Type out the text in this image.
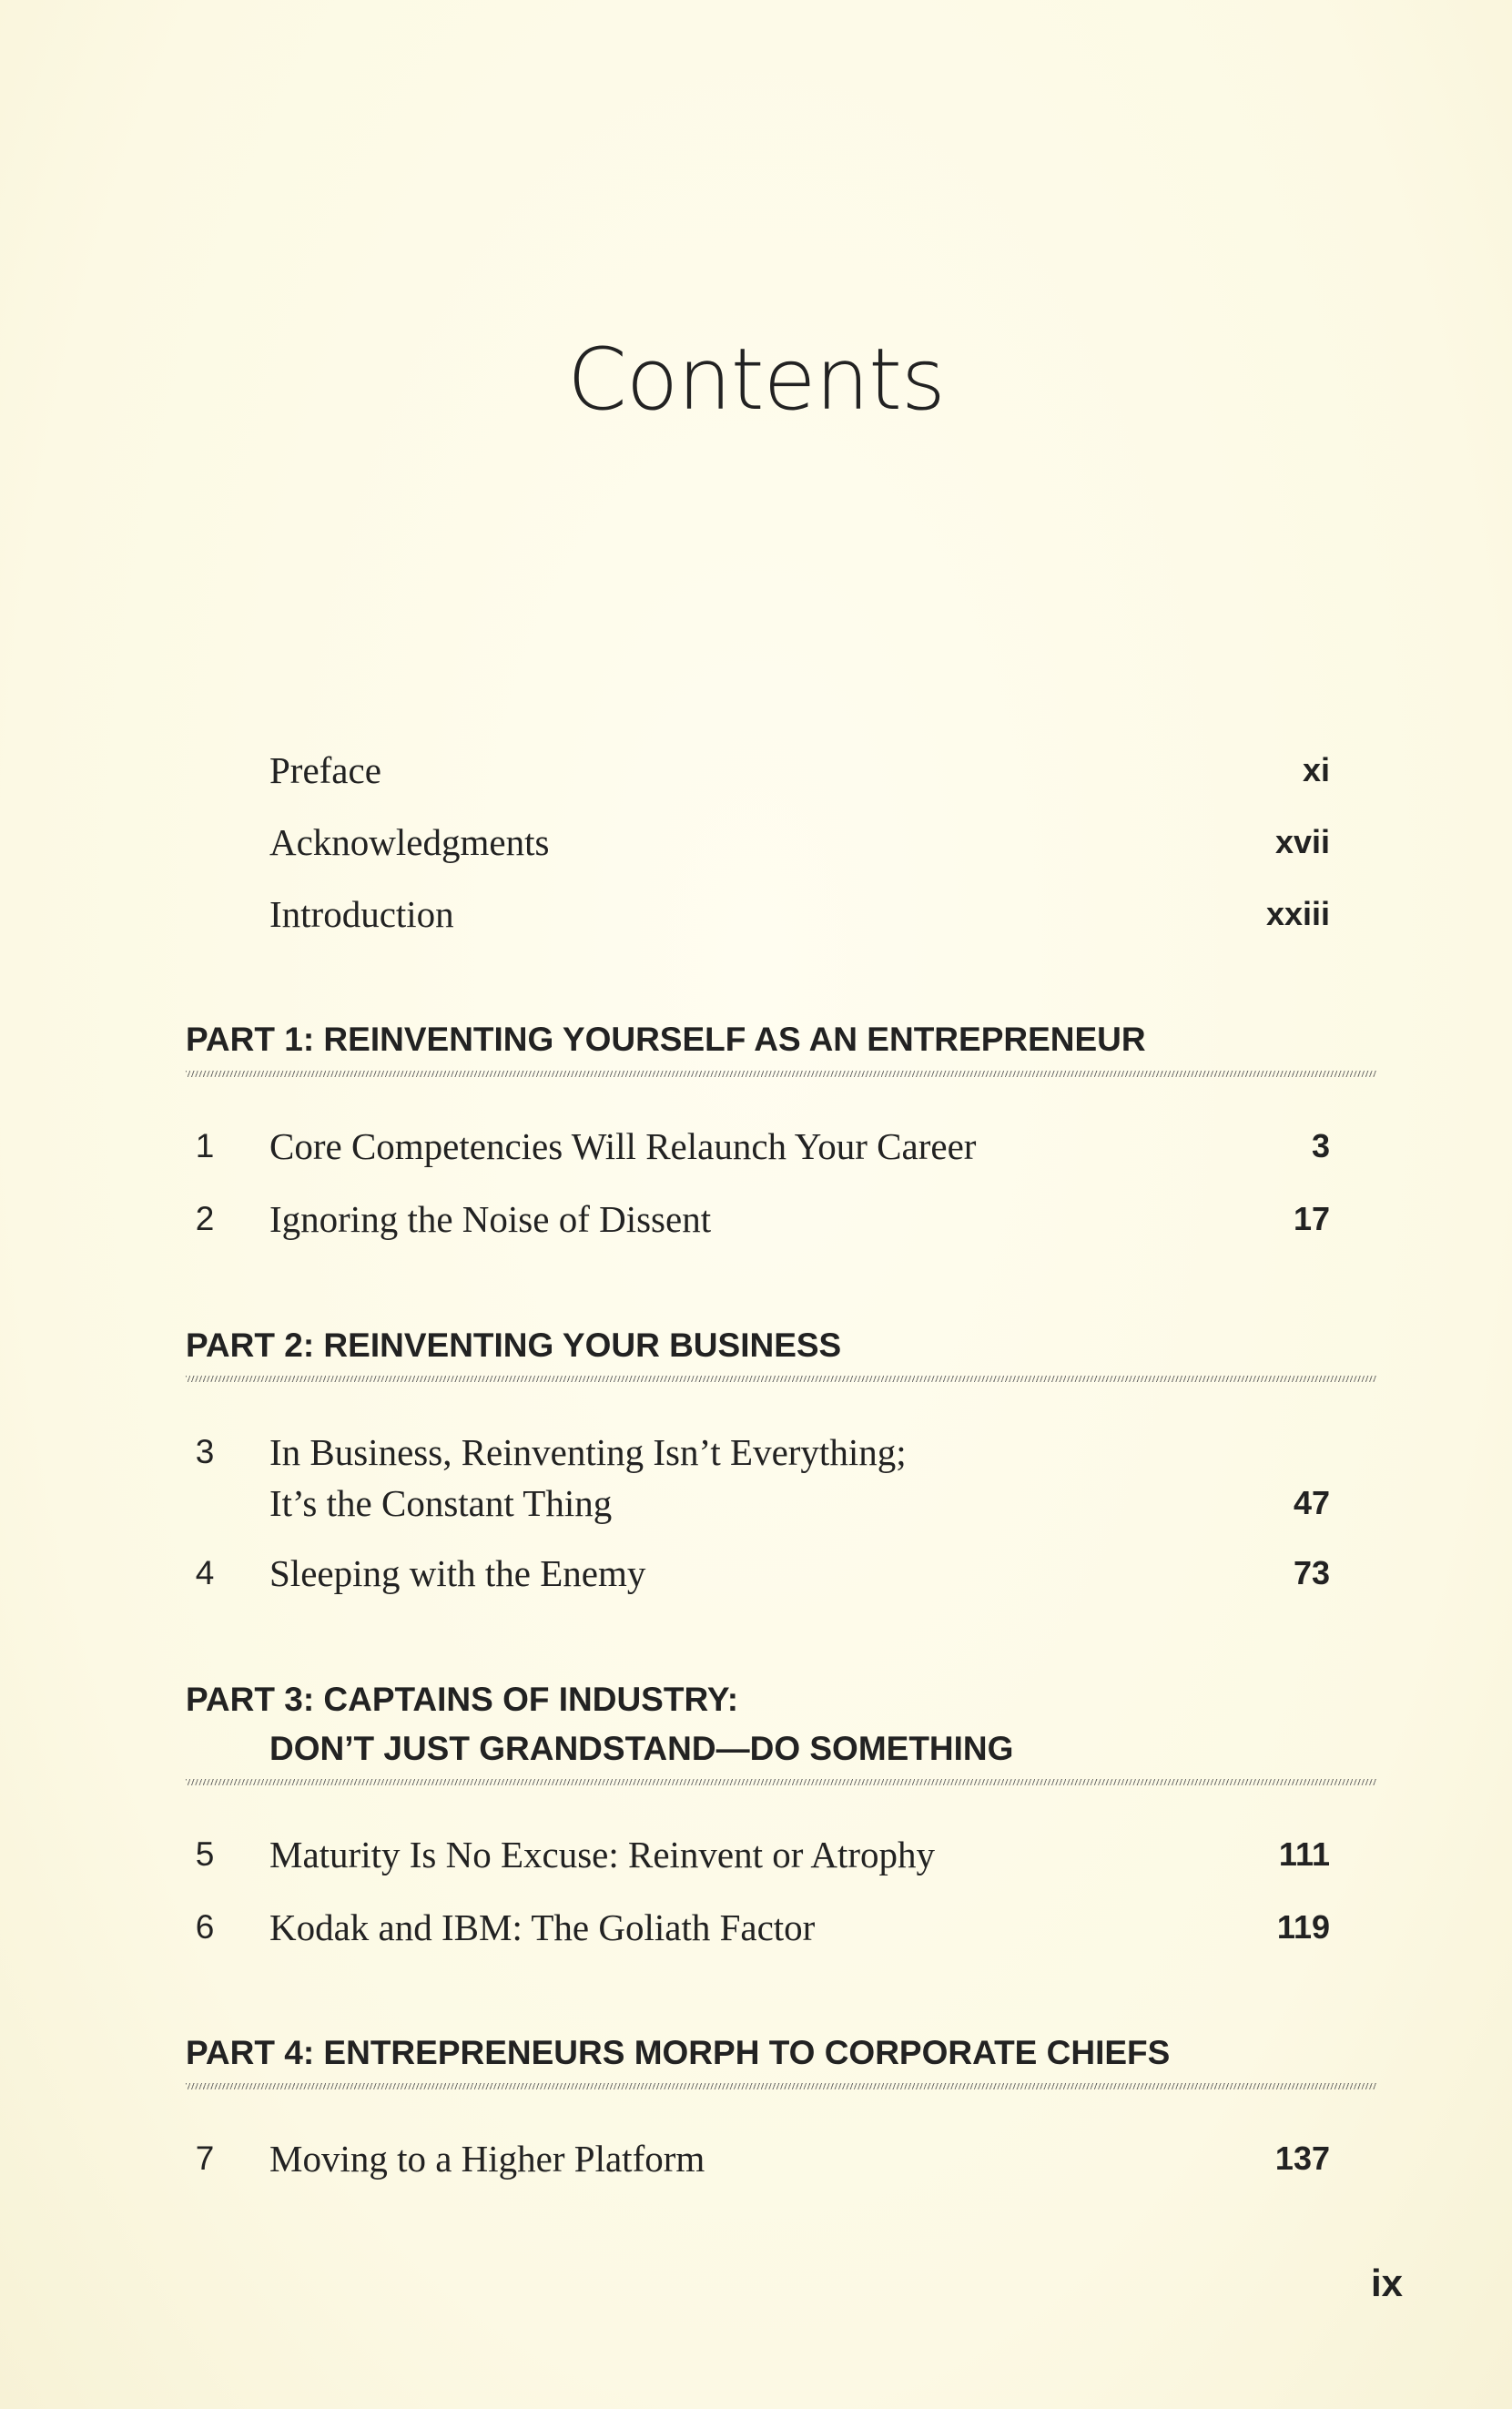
Contents
Preface	xi
Acknowledgments	xvii
Introduction	xxiii
PART 1: REINVENTING YOURSELF AS AN ENTREPRENEUR
1	Core Competencies Will Relaunch Your Career	3
2	Ignoring the Noise of Dissent	17
PART 2: REINVENTING YOUR BUSINESS
3	In Business, Reinventing Isn’t Everything;
It’s the Constant Thing	47
4	Sleeping with the Enemy	73
PART 3: CAPTAINS OF INDUSTRY:
DON’T JUST GRANDSTAND—DO SOMETHING
5	Maturity Is No Excuse: Reinvent or Atrophy	111
6	Kodak and IBM: The Goliath Factor	119
PART 4: ENTREPRENEURS MORPH TO CORPORATE CHIEFS
7	Moving to a Higher Platform	137
ix
